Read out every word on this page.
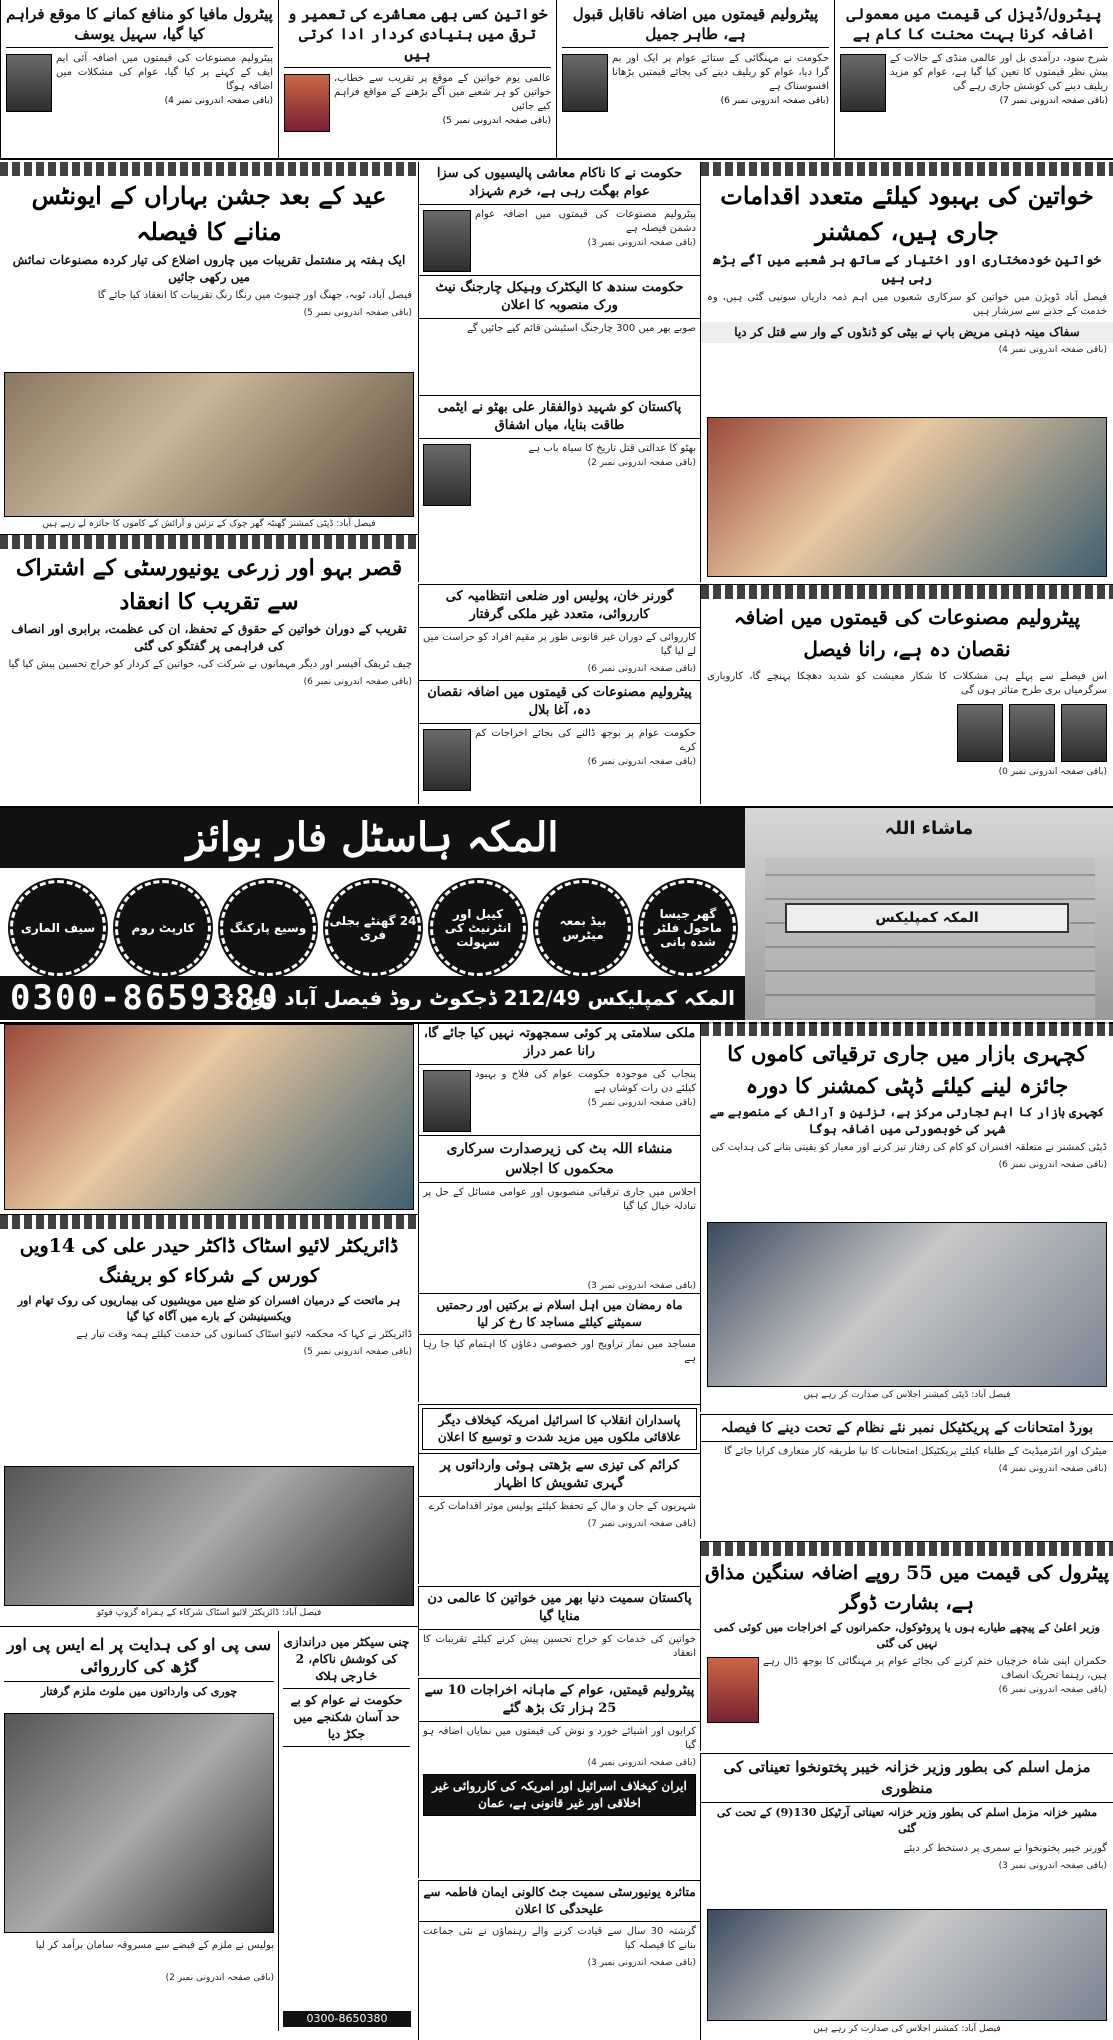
پیٹرول/ڈیزل کی قیمت میں معمولی اضافہ کرنا بہت محنت کا کام ہے
شرح سود، درآمدی بل اور عالمی منڈی کے حالات کے پیش نظر قیمتوں کا تعین کیا گیا ہے، عوام کو مزید ریلیف دینے کی کوشش جاری رہے گی
(باقی صفحہ اندرونی نمبر 7)
پیٹرولیم قیمتوں میں اضافہ ناقابل قبول ہے، طاہر جمیل
حکومت نے مہنگائی کے ستائے عوام پر ایک اور بم گرا دیا، عوام کو ریلیف دینے کی بجائے قیمتیں بڑھانا افسوسناک ہے
(باقی صفحہ اندرونی نمبر 6)
خواتین کسی بھی معاشرے کی تعمیر و ترقی میں بنیادی کردار ادا کرتی ہیں
عالمی یوم خواتین کے موقع پر تقریب سے خطاب، خواتین کو ہر شعبے میں آگے بڑھنے کے مواقع فراہم کیے جائیں
(باقی صفحہ اندرونی نمبر 5)
پیٹرول مافیا کو منافع کمانے کا موقع فراہم کیا گیا، سہیل یوسف
پیٹرولیم مصنوعات کی قیمتوں میں اضافہ آئی ایم ایف کے کہنے پر کیا گیا، عوام کی مشکلات میں اضافہ ہوگا
(باقی صفحہ اندرونی نمبر 4)
خواتین کی بہبود کیلئے متعدد اقدامات جاری ہیں، کمشنر
خواتین خودمختاری اور اختیار کے ساتھ ہر شعبے میں آگے بڑھ رہی ہیں
فیصل آباد ڈویژن میں خواتین کو سرکاری شعبوں میں اہم ذمہ داریاں سونپی گئی ہیں، وہ خدمت کے جذبے سے سرشار ہیں
سفاک مینہ ذہنی مریض باپ نے بیٹی کو ڈنڈوں کے وار سے قتل کر دیا
(باقی صفحہ اندرونی نمبر 4)
حکومت نے کا ناکام معاشی پالیسیوں کی سزا عوام بھگت رہی ہے، خرم شہزاد
پیٹرولیم مصنوعات کی قیمتوں میں اضافہ عوام دشمن فیصلہ ہے
(باقی صفحہ اندرونی نمبر 3)
حکومت سندھ کا الیکٹرک وہیکل چارجنگ نیٹ ورک منصوبہ کا اعلان
صوبے بھر میں 300 چارجنگ اسٹیشن قائم کیے جائیں گے
پاکستان کو شہید ذوالفقار علی بھٹو نے ایٹمی طاقت بنایا، میاں اشفاق
بھٹو کا عدالتی قتل تاریخ کا سیاہ باب ہے
(باقی صفحہ اندرونی نمبر 2)
عید کے بعد جشن بہاراں کے ایونٹس منانے کا فیصلہ
ایک ہفتہ پر مشتمل تقریبات میں چاروں اضلاع کی تیار کردہ مصنوعات نمائش میں رکھی جائیں
فیصل آباد، ٹوبہ، جھنگ اور چنیوٹ میں رنگا رنگ تقریبات کا انعقاد کیا جائے گا
(باقی صفحہ اندرونی نمبر 5)
فیصل آباد: ڈپٹی کمشنر گھنٹہ گھر چوک کے تزئین و آرائش کے کاموں کا جائزہ لے رہے ہیں
قصر بہو اور زرعی یونیورسٹی کے اشتراک سے تقریب کا انعقاد
تقریب کے دوران خواتین کے حقوق کے تحفظ، ان کی عظمت، برابری اور انصاف کی فراہمی پر گفتگو کی گئی
چیف ٹریفک آفیسر اور دیگر مہمانوں نے شرکت کی، خواتین کے کردار کو خراج تحسین پیش کیا گیا
(باقی صفحہ اندرونی نمبر 6)
گورنر خان، پولیس اور ضلعی انتظامیہ کی کارروائی، متعدد غیر ملکی گرفتار
کارروائی کے دوران غیر قانونی طور پر مقیم افراد کو حراست میں لے لیا گیا
(باقی صفحہ اندرونی نمبر 6)
پیٹرولیم مصنوعات کی قیمتوں میں اضافہ نقصان دہ، آغا بلال
حکومت عوام پر بوجھ ڈالنے کی بجائے اخراجات کم کرے
(باقی صفحہ اندرونی نمبر 6)
پیٹرولیم مصنوعات کی قیمتوں میں اضافہ نقصان دہ ہے، رانا فیصل
اس فیصلے سے پہلے ہی مشکلات کا شکار معیشت کو شدید دھچکا پہنچے گا، کاروباری سرگرمیاں بری طرح متاثر ہوں گی
(باقی صفحہ اندرونی نمبر 0)
المکہ ہاسٹل فار بوائز
گھر جیسا ماحول فلٹر شدہ پانی
بیڈ بمعہ میٹرس
کیبل اور انٹرنیٹ کی سہولت
24 گھنٹے بجلی فری
وسیع پارکنگ
کارپٹ روم
سیف الماری
0300-8659380
المکہ کمپلیکس 212/49 ڈجکوٹ روڈ فیصل آباد فون:
ماشاء اللہ
المکہ کمپلیکس
کچہری بازار میں جاری ترقیاتی کاموں کا جائزہ لینے کیلئے ڈپٹی کمشنر کا دورہ
کچہری بازار کا اہم تجارتی مرکز ہے، تزئین و آرائش کے منصوبے سے شہر کی خوبصورتی میں اضافہ ہوگا
ڈپٹی کمشنر نے متعلقہ افسران کو کام کی رفتار تیز کرنے اور معیار کو یقینی بنانے کی ہدایت کی
(باقی صفحہ اندرونی نمبر 6)
فیصل آباد: ڈپٹی کمشنر اجلاس کی صدارت کر رہے ہیں
ملکی سلامتی پر کوئی سمجھوتہ نہیں کیا جائے گا، رانا عمر دراز
پنجاب کی موجودہ حکومت عوام کی فلاح و بہبود کیلئے دن رات کوشاں ہے
(باقی صفحہ اندرونی نمبر 5)
منشاء اللہ بٹ کی زیرصدارت سرکاری محکموں کا اجلاس
اجلاس میں جاری ترقیاتی منصوبوں اور عوامی مسائل کے حل پر تبادلہ خیال کیا گیا
(باقی صفحہ اندرونی نمبر 3)
ماہ رمضان میں اہل اسلام نے برکتیں اور رحمتیں سمیٹنے کیلئے مساجد کا رخ کر لیا
مساجد میں نماز تراویح اور خصوصی دعاؤں کا اہتمام کیا جا رہا ہے
ڈائریکٹر لائیو اسٹاک ڈاکٹر حیدر علی کی 14ویں کورس کے شرکاء کو بریفنگ
ہر ماتحت کے درمیان افسران کو ضلع میں مویشیوں کی بیماریوں کی روک تھام اور ویکسینیشن کے بارے میں آگاہ کیا گیا
ڈائریکٹر نے کہا کہ محکمہ لائیو اسٹاک کسانوں کی خدمت کیلئے ہمہ وقت تیار ہے
(باقی صفحہ اندرونی نمبر 5)
فیصل آباد: ڈائریکٹر لائیو اسٹاک شرکاء کے ہمراہ گروپ فوٹو
بورڈ امتحانات کے پریکٹیکل نمبر نئے نظام کے تحت دینے کا فیصلہ
میٹرک اور انٹرمیڈیٹ کے طلباء کیلئے پریکٹیکل امتحانات کا نیا طریقہ کار متعارف کرایا جائے گا
(باقی صفحہ اندرونی نمبر 4)
پاسداران انقلاب کا اسرائیل امریکہ کیخلاف دیگر علاقائی ملکوں میں مزید شدت و توسیع کا اعلان
کرائم کی تیزی سے بڑھتی ہوئی وارداتوں پر گہری تشویش کا اظہار
شہریوں کے جان و مال کے تحفظ کیلئے پولیس موثر اقدامات کرے
(باقی صفحہ اندرونی نمبر 7)
پاکستان سمیت دنیا بھر میں خواتین کا عالمی دن منایا گیا
خواتین کی خدمات کو خراج تحسین پیش کرنے کیلئے تقریبات کا انعقاد
پیٹرول کی قیمت میں 55 روپے اضافہ سنگین مذاق ہے، بشارت ڈوگر
وزیر اعلیٰ کے پیچھے طیارے ہوں یا پروٹوکول، حکمرانوں کے اخراجات میں کوئی کمی نہیں کی گئی
حکمران اپنی شاہ خرچیاں ختم کرنے کی بجائے عوام پر مہنگائی کا بوجھ ڈال رہے ہیں، رہنما تحریک انصاف
(باقی صفحہ اندرونی نمبر 6)
پیٹرولیم قیمتیں، عوام کے ماہانہ اخراجات 10 سے 25 ہزار تک بڑھ گئے
کرایوں اور اشیائے خورد و نوش کی قیمتوں میں نمایاں اضافہ ہو گیا
(باقی صفحہ اندرونی نمبر 4)
ایران کیخلاف اسرائیل اور امریکہ کی کارروائی غیر اخلاقی اور غیر قانونی ہے، عمان
متاثرہ یونیورسٹی سمیت جٹ کالونی ایمان فاطمہ سے علیحدگی کا اعلان
گزشتہ 30 سال سے قیادت کرنے والے رہنماؤں نے نئی جماعت بنانے کا فیصلہ کیا
(باقی صفحہ اندرونی نمبر 3)
مزمل اسلم کی بطور وزیر خزانہ خیبر پختونخوا تعیناتی کی منظوری
مشیر خزانہ مزمل اسلم کی بطور وزیر خزانہ تعیناتی آرٹیکل 130(9) کے تحت کی گئی
گورنر خیبر پختونخوا نے سمری پر دستخط کر دیئے
(باقی صفحہ اندرونی نمبر 3)
فیصل آباد: کمشنر اجلاس کی صدارت کر رہے ہیں
چنی سیکٹر میں دراندازی کی کوشش ناکام، 2 خارجی ہلاک
حکومت نے عوام کو بے حد آسان شکنجے میں جکڑ دیا
0300-8650380
سی پی او کی ہدایت پر اے ایس پی اور گڑھ کی کارروائی
چوری کی وارداتوں میں ملوث ملزم گرفتار
پولیس نے ملزم کے قبضے سے مسروقہ سامان برآمد کر لیا
(باقی صفحہ اندرونی نمبر 2)
